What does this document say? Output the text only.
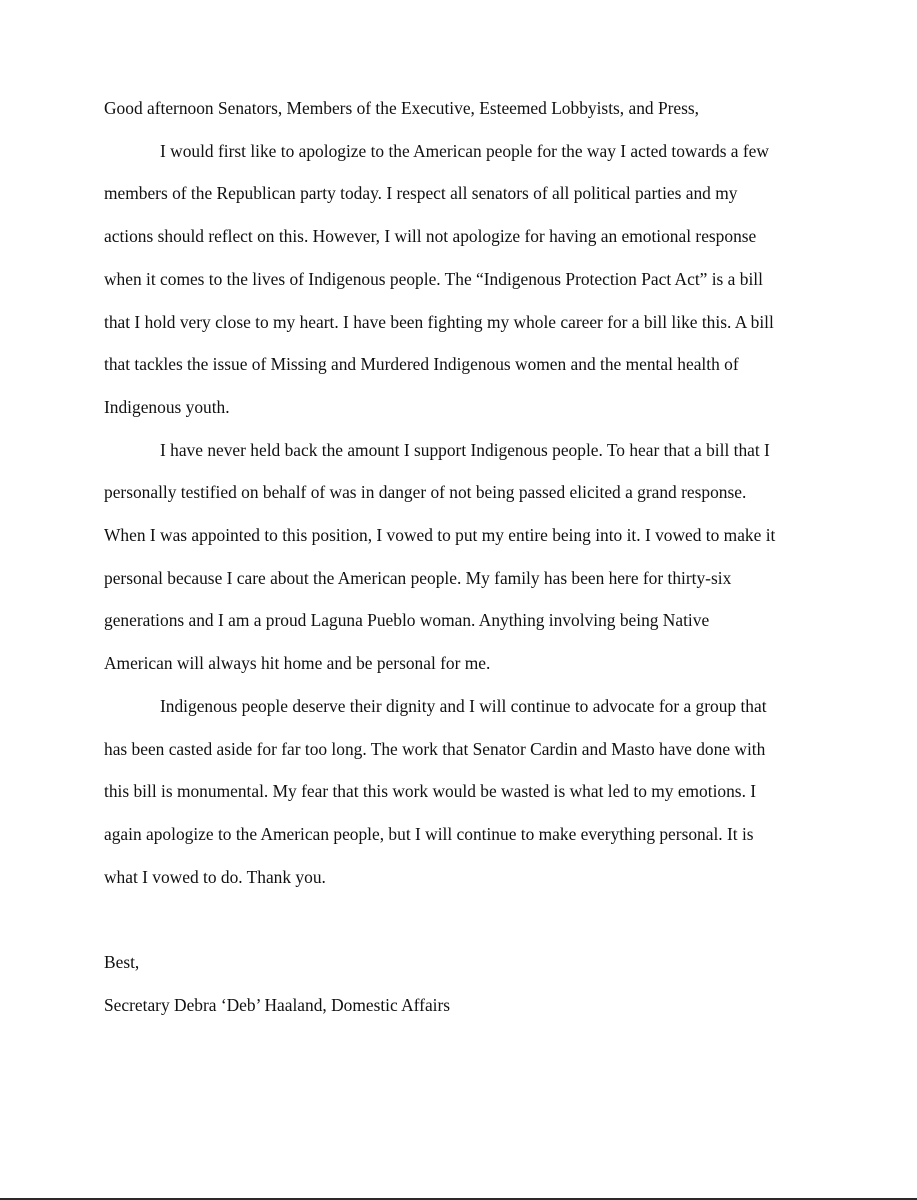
Good afternoon Senators, Members of the Executive, Esteemed Lobbyists, and Press,
I would first like to apologize to the American people for the way I acted towards a few
members of the Republican party today. I respect all senators of all political parties and my
actions should reflect on this. However, I will not apologize for having an emotional response
when it comes to the lives of Indigenous people. The “Indigenous Protection Pact Act” is a bill
that I hold very close to my heart. I have been fighting my whole career for a bill like this. A bill
that tackles the issue of Missing and Murdered Indigenous women and the mental health of
Indigenous youth.
I have never held back the amount I support Indigenous people. To hear that a bill that I
personally testified on behalf of was in danger of not being passed elicited a grand response.
When I was appointed to this position, I vowed to put my entire being into it. I vowed to make it
personal because I care about the American people. My family has been here for thirty-six
generations and I am a proud Laguna Pueblo woman. Anything involving being Native
American will always hit home and be personal for me.
Indigenous people deserve their dignity and I will continue to advocate for a group that
has been casted aside for far too long. The work that Senator Cardin and Masto have done with
this bill is monumental. My fear that this work would be wasted is what led to my emotions. I
again apologize to the American people, but I will continue to make everything personal. It is
what I vowed to do. Thank you.
Best,
Secretary Debra ‘Deb’ Haaland, Domestic Affairs
